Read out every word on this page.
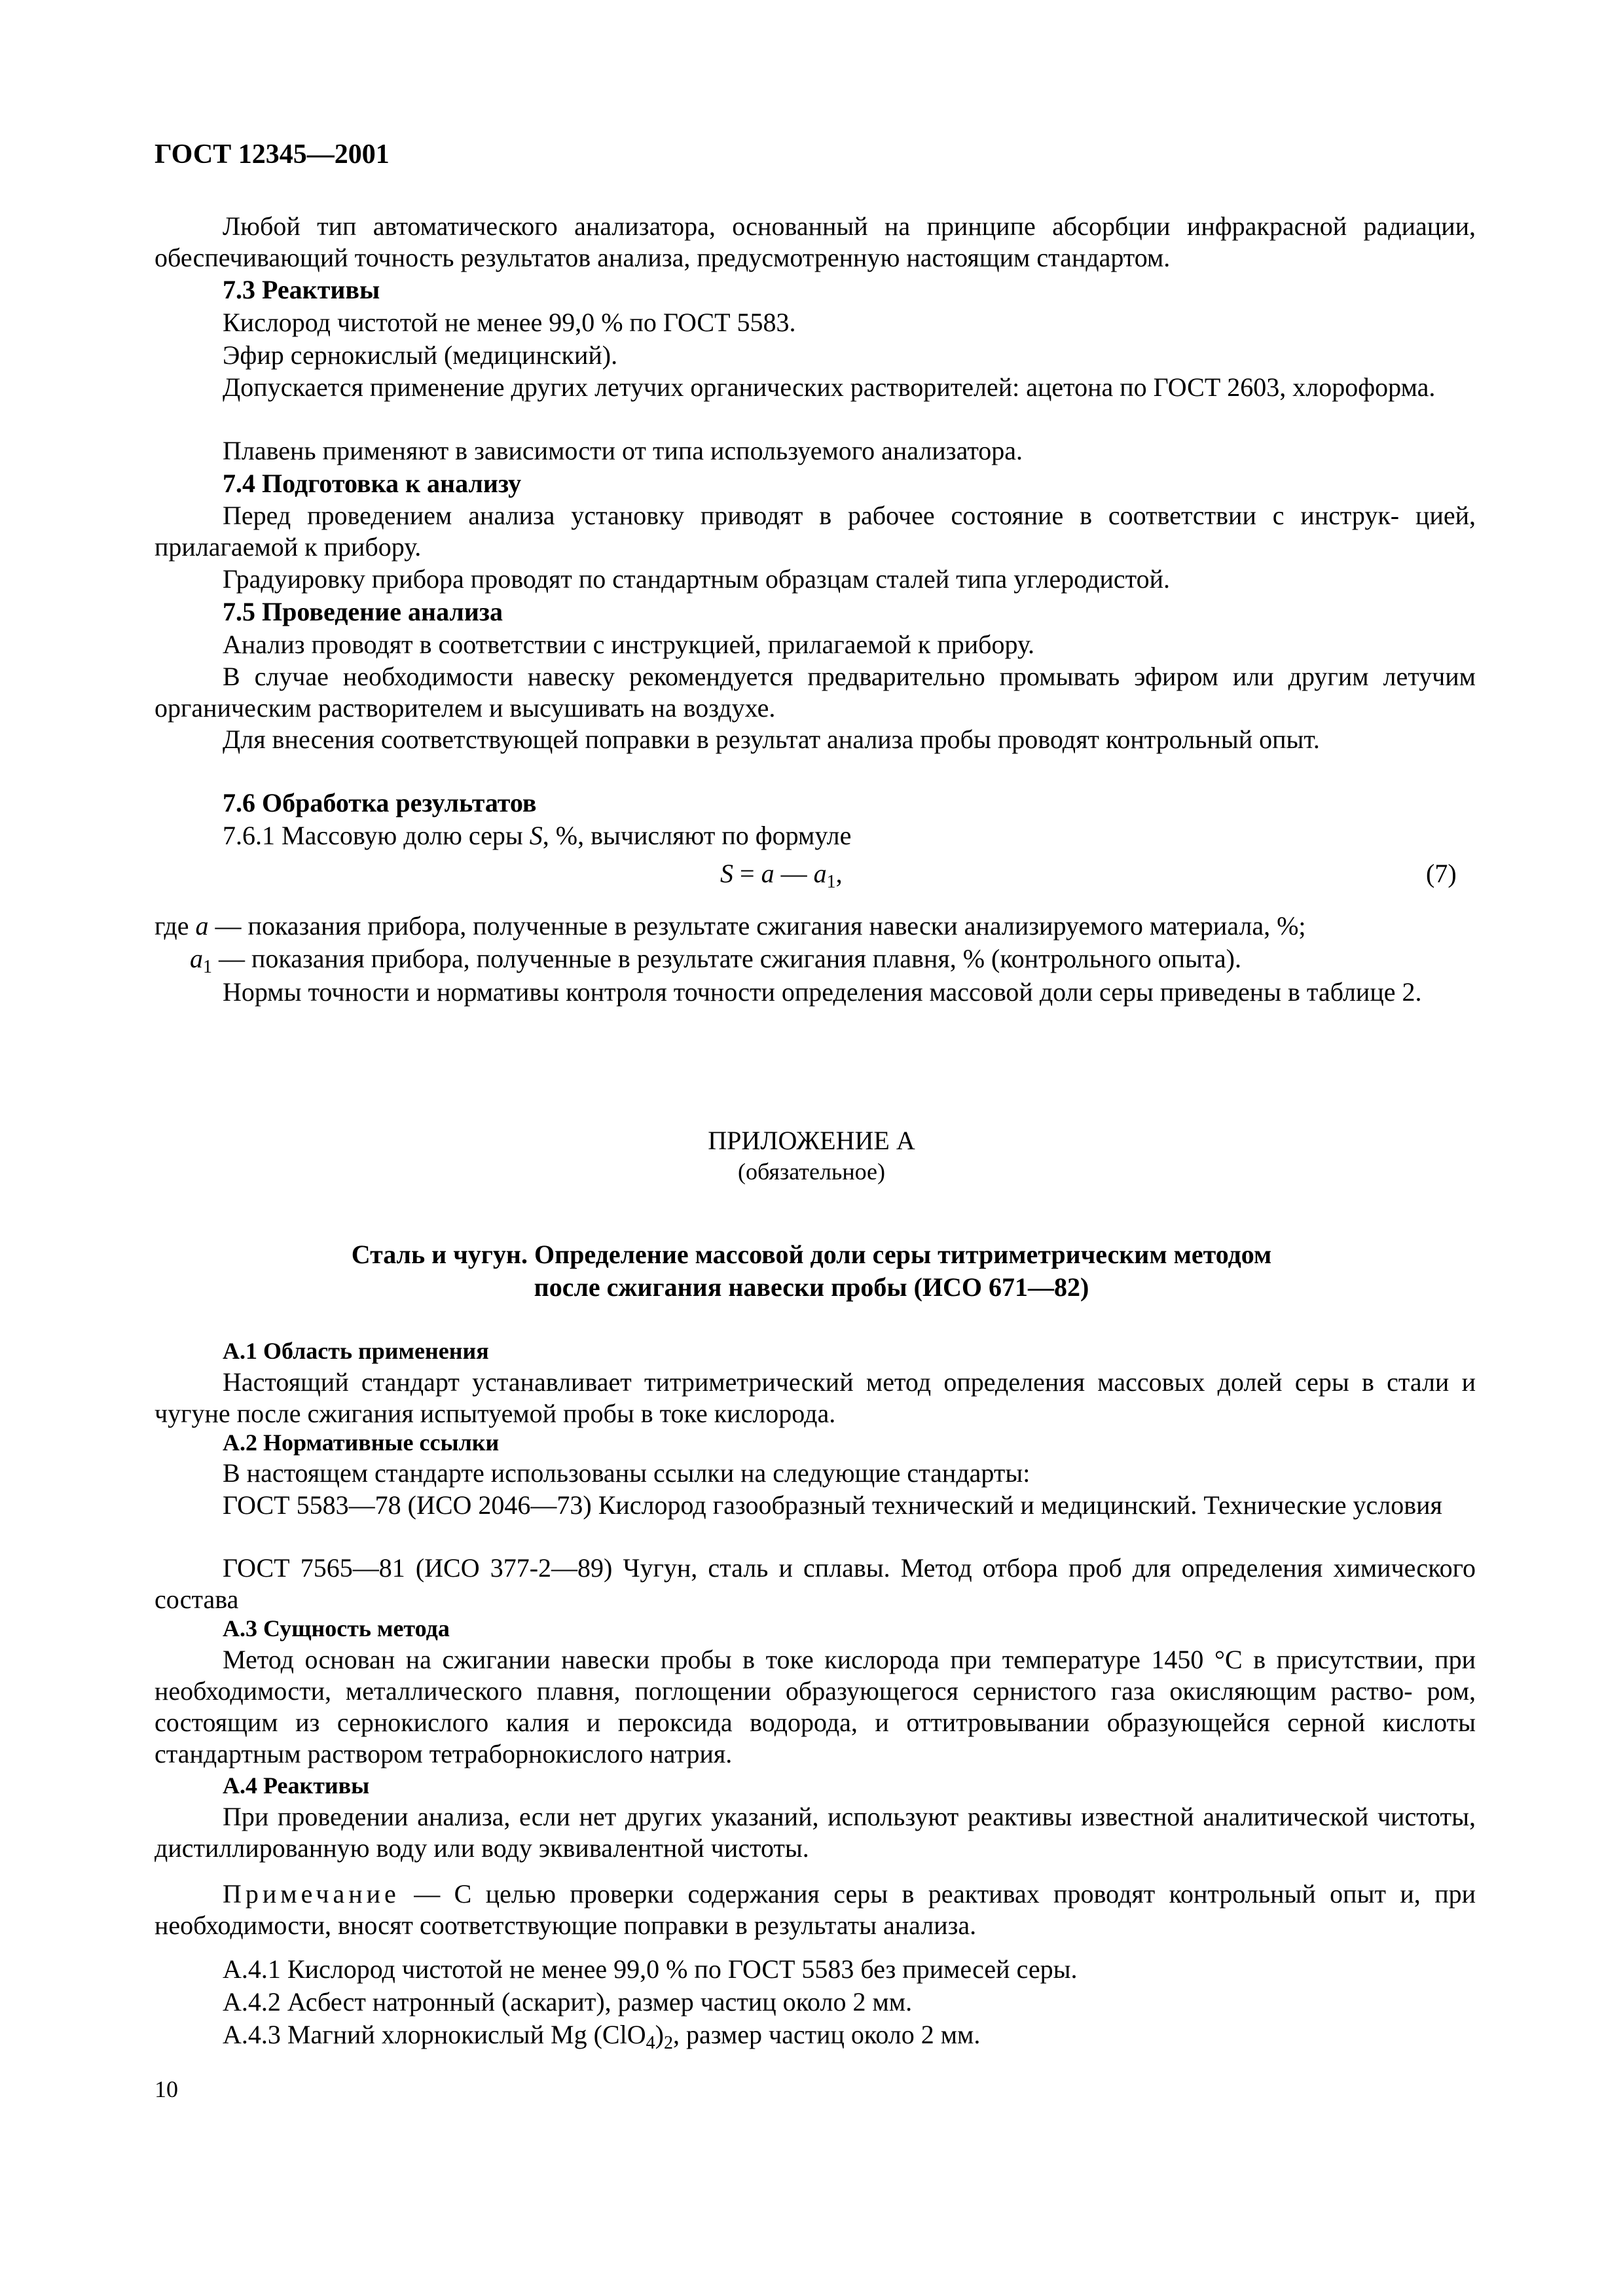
ГОСТ 12345—2001
Любой тип автоматического анализатора, основанный на принципе абсорбции инфракрасной радиации, обеспечивающий точность результатов анализа, предусмотренную настоящим стандартом.
7.3 Реактивы
Кислород чистотой не менее 99,0 % по ГОСТ 5583.
Эфир сернокислый (медицинский).
Допускается применение других летучих органических растворителей: ацетона по ГОСТ 2603, хлороформа.
Плавень применяют в зависимости от типа используемого анализатора.
7.4 Подготовка к анализу
Перед проведением анализа установку приводят в рабочее состояние в соответствии с инструк- цией, прилагаемой к прибору.
Градуировку прибора проводят по стандартным образцам сталей типа углеродистой.
7.5 Проведение анализа
Анализ проводят в соответствии с инструкцией, прилагаемой к прибору.
В случае необходимости навеску рекомендуется предварительно промывать эфиром или другим летучим органическим растворителем и высушивать на воздухе.
Для внесения соответствующей поправки в результат анализа пробы проводят контрольный опыт.
7.6 Обработка результатов
7.6.1 Массовую долю серы S, %, вычисляют по формуле
S = a — $a_1$,	(7)
где a — показания прибора, полученные в результате сжигания навески анализируемого материала, %;
$a_1$ — показания прибора, полученные в результате сжигания плавня, % (контрольного опыта).
Нормы точности и нормативы контроля точности определения массовой доли серы приведены в таблице 2.
ПРИЛОЖЕНИЕ А
(обязательное)
Сталь и чугун. Определение массовой доли серы титриметрическим методом
после сжигания навески пробы (ИСО 671—82)
А.1 Область применения
Настоящий стандарт устанавливает титриметрический метод определения массовых долей серы в стали и чугуне после сжигания испытуемой пробы в токе кислорода.
А.2 Нормативные ссылки
В настоящем стандарте использованы ссылки на следующие стандарты:
ГОСТ 5583—78 (ИСО 2046—73) Кислород газообразный технический и медицинский. Технические условия
ГОСТ 7565—81 (ИСО 377-2—89) Чугун, сталь и сплавы. Метод отбора проб для определения химического состава
А.3 Сущность метода
Метод основан на сжигании навески пробы в токе кислорода при температуре 1450 °С в присутствии, при необходимости, металлического плавня, поглощении образующегося сернистого газа окисляющим раство- ром, состоящим из сернокислого калия и пероксида водорода, и оттитровывании образующейся серной кислоты стандартным раствором тетраборнокислого натрия.
А.4 Реактивы
При проведении анализа, если нет других указаний, используют реактивы известной аналитической чистоты, дистиллированную воду или воду эквивалентной чистоты.
Примечание — С целью проверки содержания серы в реактивах проводят контрольный опыт и, при необходимости, вносят соответствующие поправки в результаты анализа.
А.4.1 Кислород чистотой не менее 99,0 % по ГОСТ 5583 без примесей серы.
А.4.2 Асбест натронный (аскарит), размер частиц около 2 мм.
А.4.3 Магний хлорнокислый Mg $(ClO_4)_2$, размер частиц около 2 мм.
10
